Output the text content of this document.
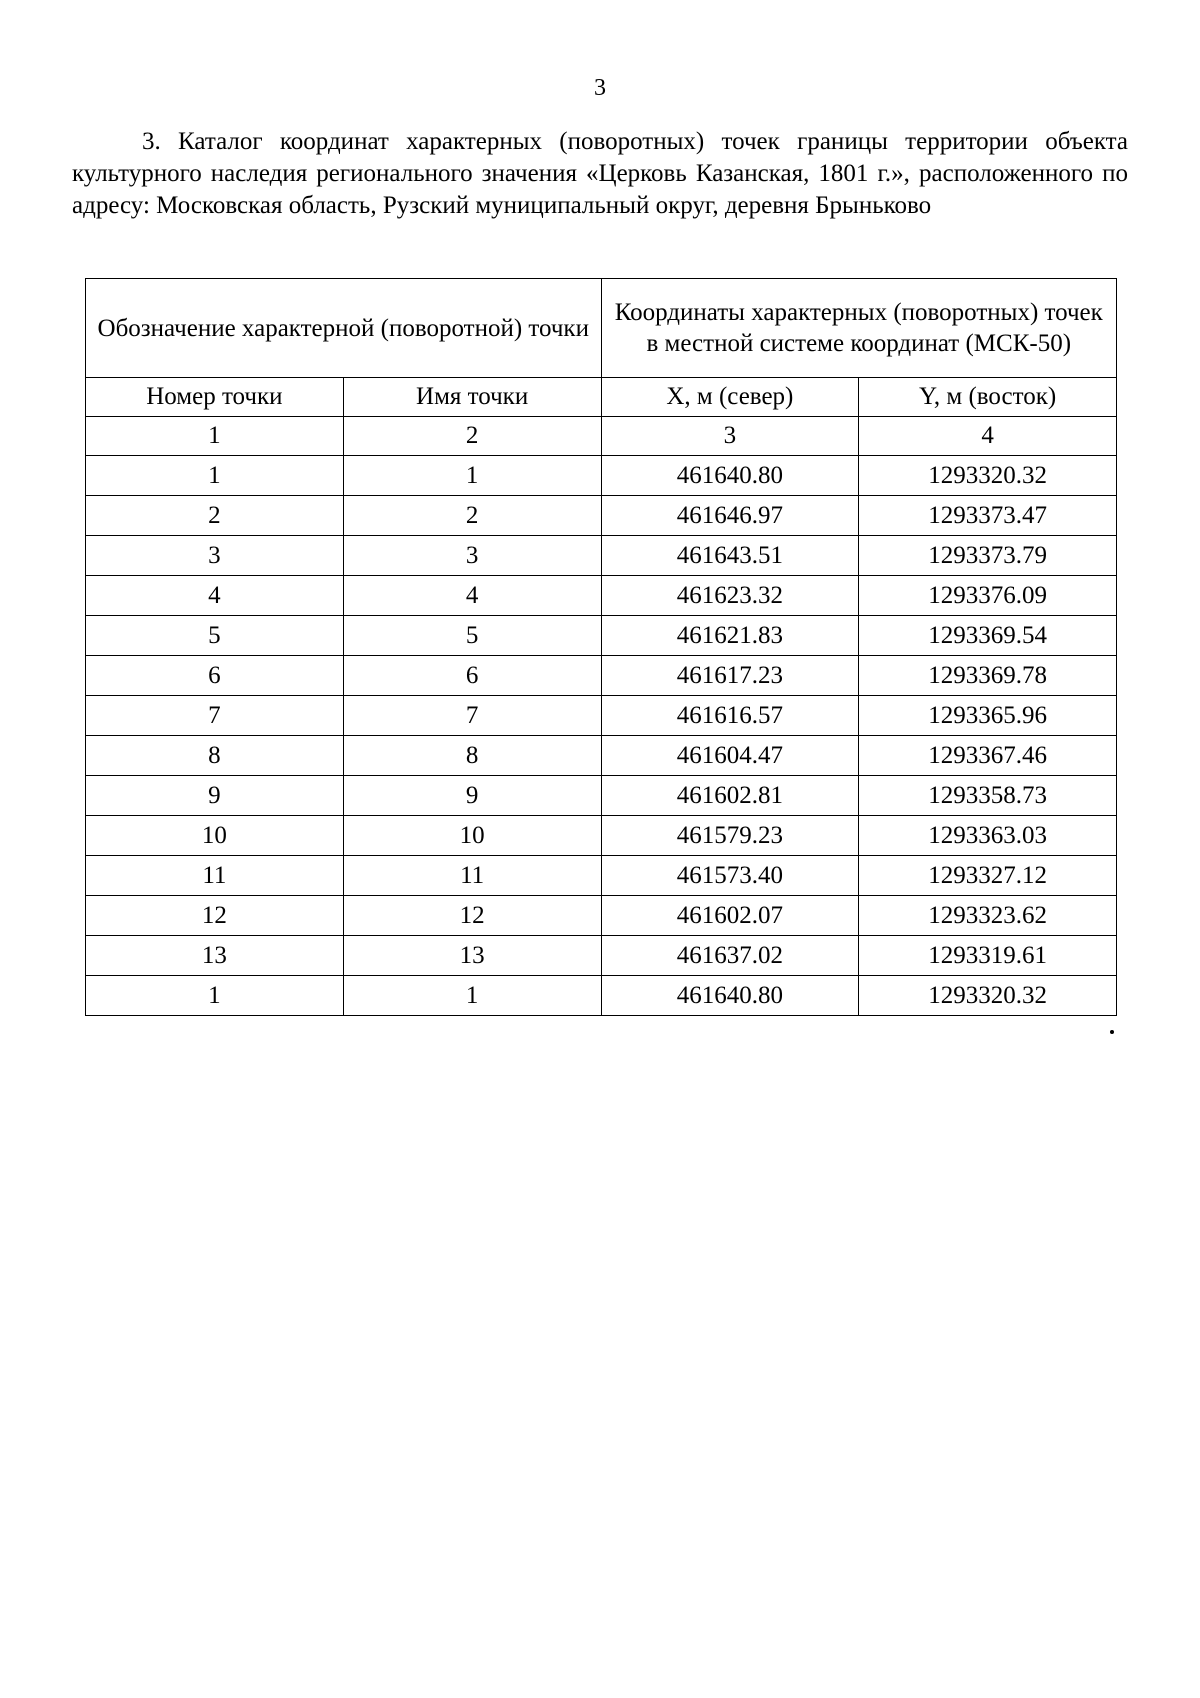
3

3. Каталог координат характерных (поворотных) точек границы территории объекта культурного наследия регионального значения «Церковь Казанская, 1801 г.», расположенного по адресу: Московская область, Рузский муниципальный округ, деревня Брыньково

Обозначение характерной (поворотной) точки		Координаты характерных (поворотных) точек в местной системе координат (МСК-50)	
Номер точки	Имя точки	X, м (север)	Y, м (восток)
1	2	3	4
1	1	461640.80	1293320.32
2	2	461646.97	1293373.47
3	3	461643.51	1293373.79
4	4	461623.32	1293376.09
5	5	461621.83	1293369.54
6	6	461617.23	1293369.78
7	7	461616.57	1293365.96
8	8	461604.47	1293367.46
9	9	461602.81	1293358.73
10	10	461579.23	1293363.03
11	11	461573.40	1293327.12
12	12	461602.07	1293323.62
13	13	461637.02	1293319.61
1	1	461640.80	1293320.32
